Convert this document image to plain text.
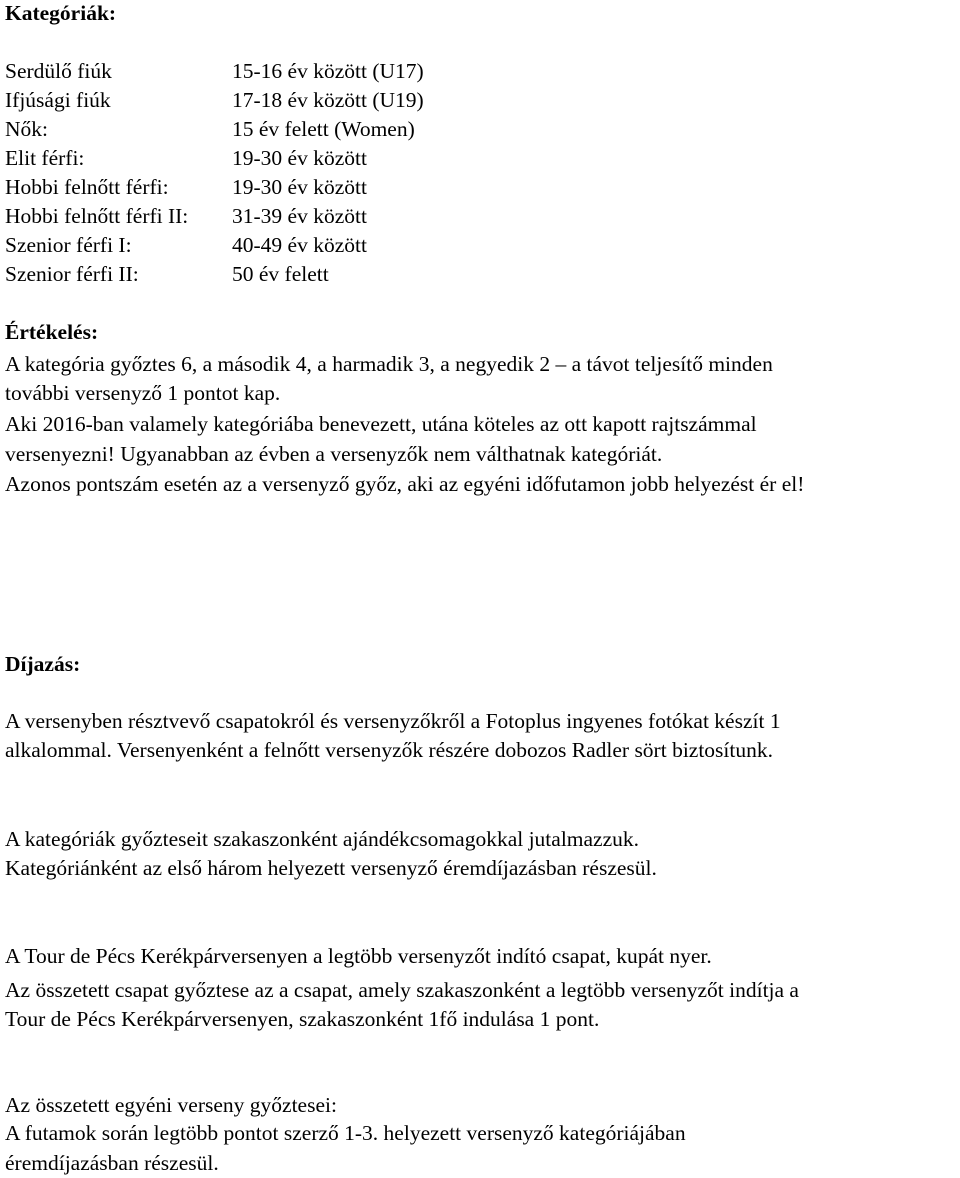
Kategóriák:
Serdülő fiúk	15-16 év között (U17)
Ifjúsági fiúk	17-18 év között (U19)
Nők:	15 év felett (Women)
Elit férfi:	19-30 év között
Hobbi felnőtt férfi:	19-30 év között
Hobbi felnőtt férfi II: 31-39 év között
Szenior férfi I:	40-49 év között
Szenior férfi II:	50 év felett
Értékelés:
A kategória győztes 6, a második 4, a harmadik 3, a negyedik 2 – a távot teljesítő minden
további versenyző 1 pontot kap.
Aki 2016-ban valamely kategóriába benevezett, utána köteles az ott kapott rajtszámmal
versenyezni! Ugyanabban az évben a versenyzők nem válthatnak kategóriát.
Azonos pontszám esetén az a versenyző győz, aki az egyéni időfutamon jobb helyezést ér el!
Díjazás:
A versenyben résztvevő csapatokról és versenyzőkről a Fotoplus ingyenes fotókat készít 1
alkalommal. Versenyenként a felnőtt versenyzők részére dobozos Radler sört biztosítunk.
A kategóriák győzteseit szakaszonként ajándékcsomagokkal jutalmazzuk.
Kategóriánként az első három helyezett versenyző éremdíjazásban részesül.
A Tour de Pécs Kerékpárversenyen a legtöbb versenyzőt indító csapat, kupát nyer.
Az összetett csapat győztese az a csapat, amely szakaszonként a legtöbb versenyzőt indítja a
Tour de Pécs Kerékpárversenyen, szakaszonként 1fő indulása 1 pont.
Az összetett egyéni verseny győztesei:
A futamok során legtöbb pontot szerző 1-3. helyezett versenyző kategóriájában
éremdíjazásban részesül.
